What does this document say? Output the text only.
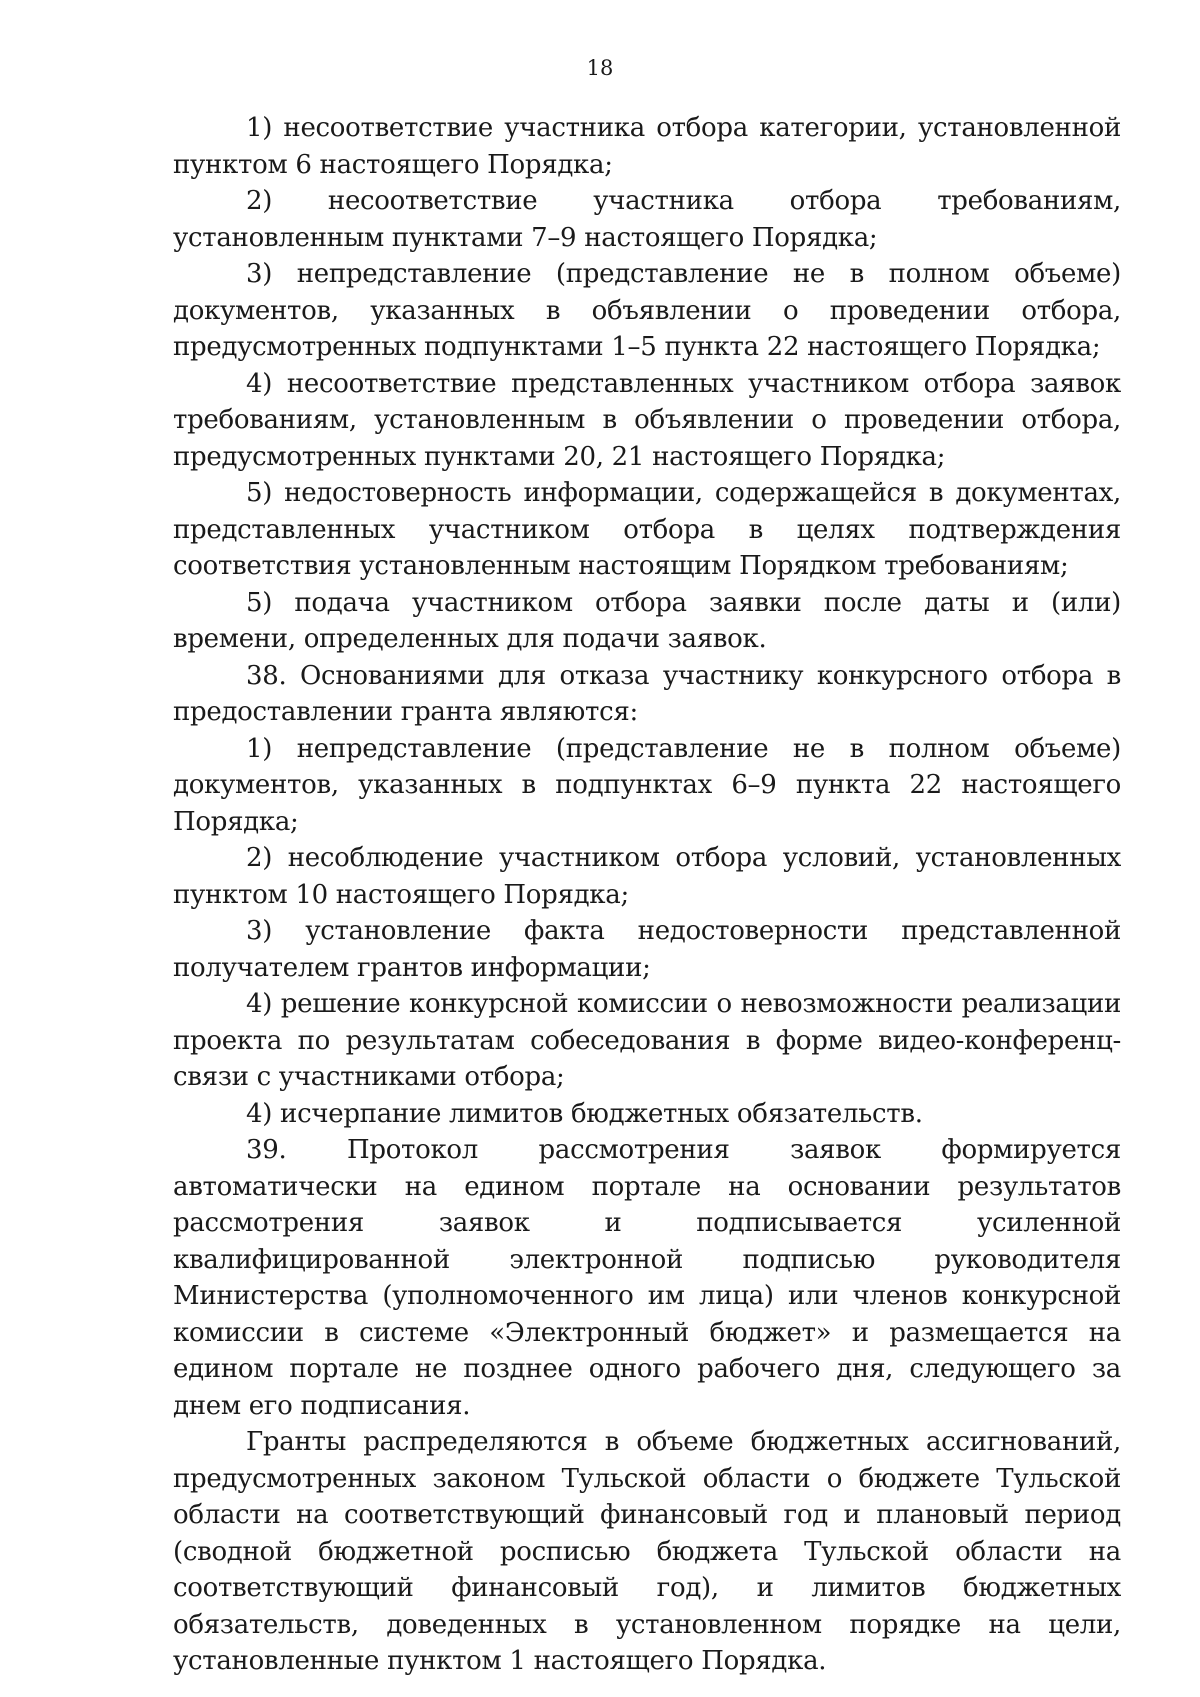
18

1) несоответствие участника отбора категории, установленной пунктом 6 настоящего Порядка;

2) несоответствие участника отбора требованиям, установленным пунктами 7–9 настоящего Порядка;

3) непредставление (представление не в полном объеме) документов, указанных в объявлении о проведении отбора, предусмотренных подпунктами 1–5 пункта 22 настоящего Порядка;

4) несоответствие представленных участником отбора заявок требованиям, установленным в объявлении о проведении отбора, предусмотренных пунктами 20, 21 настоящего Порядка;

5) недостоверность информации, содержащейся в документах, представленных участником отбора в целях подтверждения соответствия установленным настоящим Порядком требованиям;

5) подача участником отбора заявки после даты и (или) времени, определенных для подачи заявок.

38. Основаниями для отказа участнику конкурсного отбора в предоставлении гранта являются:

1) непредставление (представление не в полном объеме) документов, указанных в подпунктах 6–9 пункта 22 настоящего Порядка;

2) несоблюдение участником отбора условий, установленных пунктом 10 настоящего Порядка;

3) установление факта недостоверности представленной получателем грантов информации;

4) решение конкурсной комиссии о невозможности реализации проекта по результатам собеседования в форме видео-конференц-связи с участниками отбора;

4) исчерпание лимитов бюджетных обязательств.

39. Протокол рассмотрения заявок формируется автоматически на едином портале на основании результатов рассмотрения заявок и подписывается усиленной квалифицированной электронной подписью руководителя Министерства (уполномоченного им лица) или членов конкурсной комиссии в системе «Электронный бюджет» и размещается на едином портале не позднее одного рабочего дня, следующего за днем его подписания.

Гранты распределяются в объеме бюджетных ассигнований, предусмотренных законом Тульской области о бюджете Тульской области на соответствующий финансовый год и плановый период (сводной бюджетной росписью бюджета Тульской области на соответствующий финансовый год), и лимитов бюджетных обязательств, доведенных в установленном порядке на цели, установленные пунктом 1 настоящего Порядка.
